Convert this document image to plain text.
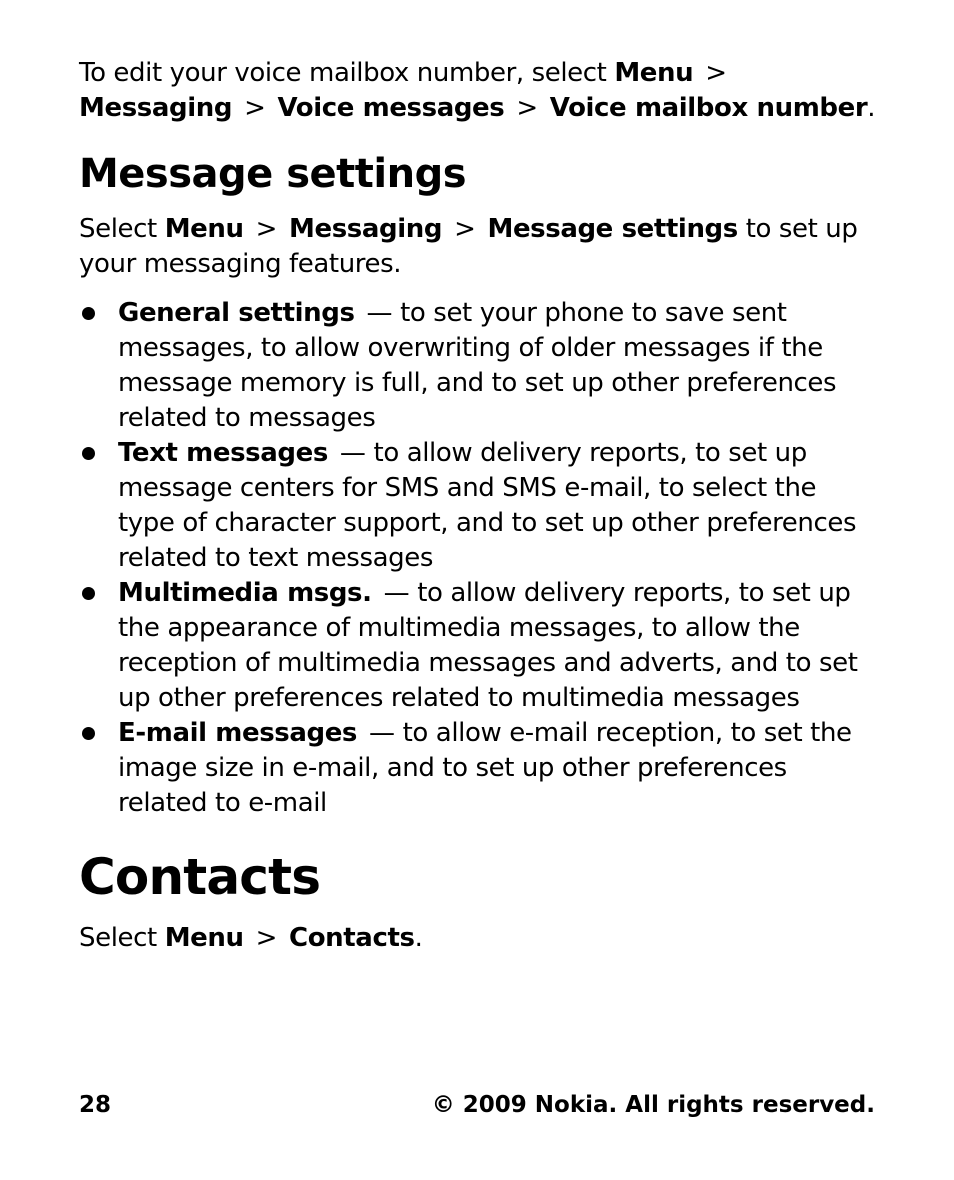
To edit your voice mailbox number, select Menu >
Messaging > Voice messages > Voice mailbox number.

Message settings

Select Menu > Messaging > Message settings to set up your messaging features.

General settings — to set your phone to save sent messages, to allow overwriting of older messages if the message memory is full, and to set up other preferences related to messages
Text messages — to allow delivery reports, to set up message centers for SMS and SMS e-mail, to select the type of character support, and to set up other preferences related to text messages
Multimedia msgs. — to allow delivery reports, to set up the appearance of multimedia messages, to allow the reception of multimedia messages and adverts, and to set up other preferences related to multimedia messages
E-mail messages — to allow e-mail reception, to set the image size in e-mail, and to set up other preferences related to e-mail
Contacts

Select Menu > Contacts.

28	© 2009 Nokia. All rights reserved.
